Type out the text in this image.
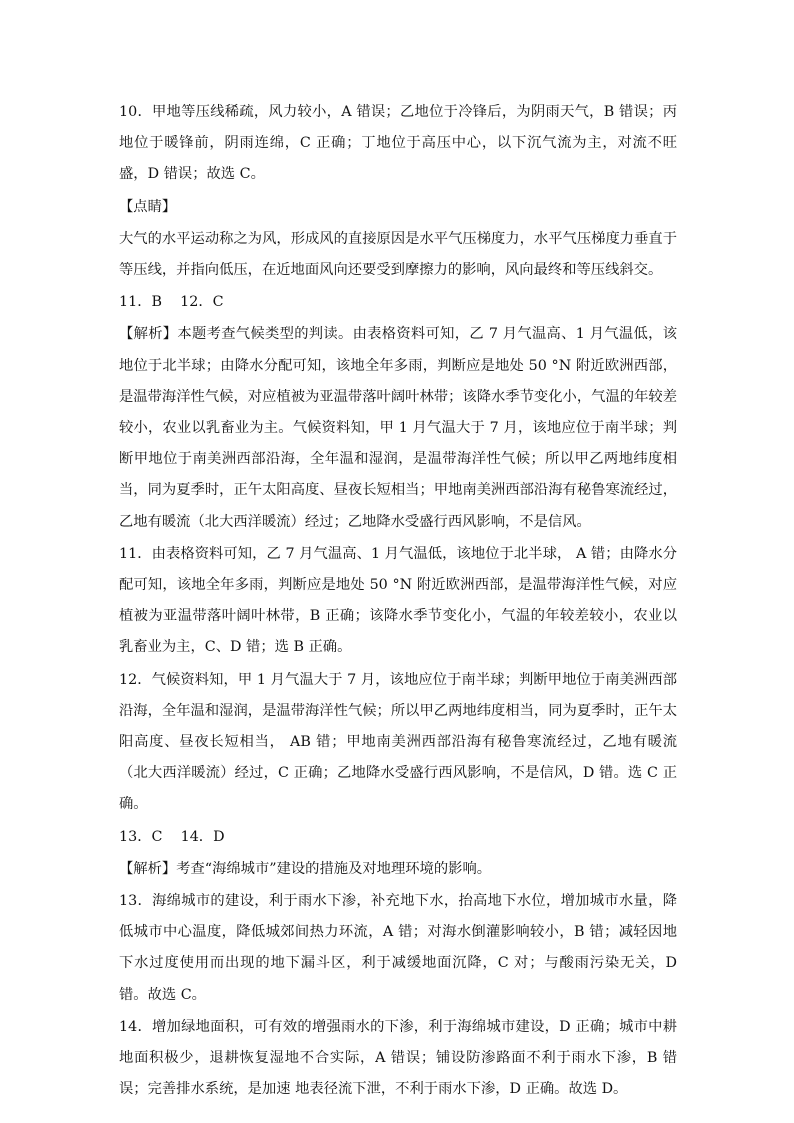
10．甲地等压线稀疏，风力较小，A 错误；乙地位于冷锋后，为阴雨天气，B 错误；丙地位于暖锋前，阴雨连绵，C 正确；丁地位于高压中心，以下沉气流为主，对流不旺盛，D 错误；故选 C。

【点睛】

大气的水平运动称之为风，形成风的直接原因是水平气压梯度力，水平气压梯度力垂直于等压线，并指向低压，在近地面风向还要受到摩擦力的影响，风向最终和等压线斜交。

11．B    12．C

【解析】本题考查气候类型的判读。由表格资料可知，乙 7 月气温高、1 月气温低，该地位于北半球；由降水分配可知，该地全年多雨，判断应是地处 50 °N 附近欧洲西部，是温带海洋性气候，对应植被为亚温带落叶阔叶林带；该降水季节变化小，气温的年较差较小，农业以乳畜业为主。气候资料知，甲 1 月气温大于 7 月，该地应位于南半球；判断甲地位于南美洲西部沿海，全年温和湿润，是温带海洋性气候；所以甲乙两地纬度相当，同为夏季时，正午太阳高度、昼夜长短相当；甲地南美洲西部沿海有秘鲁寒流经过，乙地有暖流（北大西洋暖流）经过；乙地降水受盛行西风影响，不是信风。

11．由表格资料可知，乙 7 月气温高、1 月气温低，该地位于北半球， A 错；由降水分配可知，该地全年多雨，判断应是地处 50 °N 附近欧洲西部，是温带海洋性气候，对应植被为亚温带落叶阔叶林带，B 正确；该降水季节变化小，气温的年较差较小，农业以乳畜业为主，C、D 错；选 B 正确。

12．气候资料知，甲 1 月气温大于 7 月，该地应位于南半球；判断甲地位于南美洲西部沿海，全年温和湿润，是温带海洋性气候；所以甲乙两地纬度相当，同为夏季时，正午太阳高度、昼夜长短相当， AB 错；甲地南美洲西部沿海有秘鲁寒流经过，乙地有暖流（北大西洋暖流）经过，C 正确；乙地降水受盛行西风影响，不是信风，D 错。选 C 正确。

13．C    14．D

【解析】考查“海绵城市”建设的措施及对地理环境的影响。

13．海绵城市的建设，利于雨水下渗，补充地下水，抬高地下水位，增加城市水量，降低城市中心温度，降低城郊间热力环流，A 错；对海水倒灌影响较小，B 错；减轻因地下水过度使用而出现的地下漏斗区，利于减缓地面沉降，C 对；与酸雨污染无关，D 错。故选 C。

14．增加绿地面积，可有效的增强雨水的下渗，利于海绵城市建设，D 正确；城市中耕地面积极少，退耕恢复湿地不合实际，A 错误；铺设防渗路面不利于雨水下渗，B 错误；完善排水系统，是加速 地表径流下泄，不利于雨水下渗，D 正确。故选 D。
